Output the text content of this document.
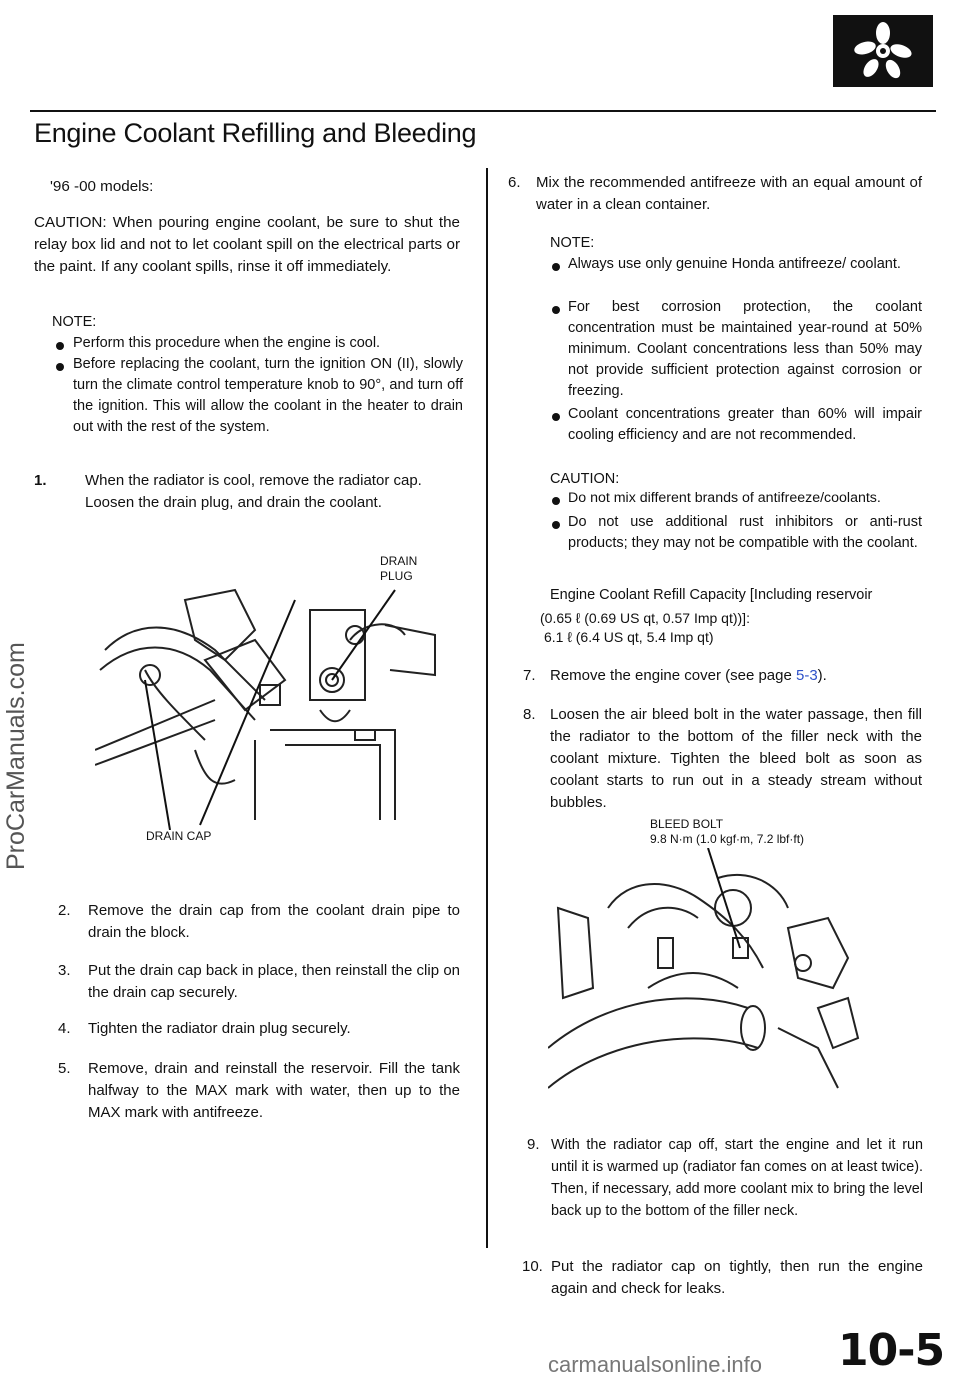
Engine Coolant Refilling and Bleeding
ProCarManuals.com
'96 -00 models:
CAUTION: When pouring engine coolant, be sure to shut the relay box lid and not to let coolant spill on the electrical parts or the paint. If any coolant spills, rinse it off immediately.
NOTE:
Perform this procedure when the engine is cool.
Before replacing the coolant, turn the ignition ON (II), slowly turn the climate control temperature knob to 90°, and turn off the ignition. This will allow the coolant in the heater to drain out with the rest of the system.
1.	When the radiator is cool, remove the radiator cap. Loosen the drain plug, and drain the coolant.
DRAIN
PLUG
DRAIN CAP
2. Remove the drain cap from the coolant drain pipe to drain the block.
3. Put the drain cap back in place, then reinstall the clip on the drain cap securely.
4. Tighten the radiator drain plug securely.
5. Remove, drain and reinstall the reservoir. Fill the tank halfway to the MAX mark with water, then up to the MAX mark with antifreeze.
6. Mix the recommended antifreeze with an equal amount of water in a clean container.
NOTE:
Always use only genuine Honda antifreeze/ coolant.
For best corrosion protection, the coolant concentration must be maintained year-round at 50% minimum. Coolant concentrations less than 50% may not provide sufficient protection against corrosion or freezing.
Coolant concentrations greater than 60% will impair cooling efficiency and are not recommended.
CAUTION:
Do not mix different brands of antifreeze/coolants.
Do not use additional rust inhibitors or anti-rust products; they may not be compatible with the coolant.
Engine Coolant Refill Capacity [Including reservoir
(0.65 ℓ (0.69 US qt, 0.57 Imp qt))]:
6.1 ℓ (6.4 US qt, 5.4 Imp qt)
7. Remove the engine cover (see page 5-3).
8. Loosen the air bleed bolt in the water passage, then fill the radiator to the bottom of the filler neck with the coolant mixture. Tighten the bleed bolt as soon as coolant starts to run out in a steady stream without bubbles.
BLEED BOLT
9.8 N·m (1.0 kgf·m, 7.2 lbf·ft)
9. With the radiator cap off, start the engine and let it run until it is warmed up (radiator fan comes on at least twice). Then, if necessary, add more coolant mix to bring the level back up to the bottom of the filler neck.
10. Put the radiator cap on tightly, then run the engine again and check for leaks.
10-5
carmanualsonline.info
